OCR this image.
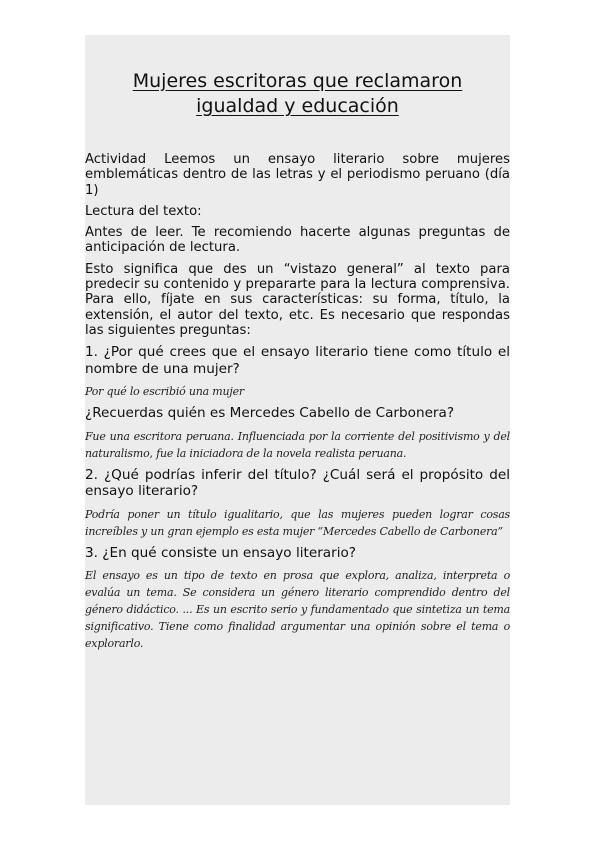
Mujeres escritoras que reclamaron
igualdad y educación

Actividad Leemos un ensayo literario sobre mujeres emblemáticas dentro de las letras y el periodismo peruano (día 1)

Lectura del texto:

Antes de leer. Te recomiendo hacerte algunas preguntas de anticipación de lectura.

Esto significa que des un “vistazo general” al texto para predecir su contenido y prepararte para la lectura comprensiva. Para ello, fíjate en sus características: su forma, título, la extensión, el autor del texto, etc. Es necesario que respondas las siguientes preguntas:

1. ¿Por qué crees que el ensayo literario tiene como título el nombre de una mujer?

Por qué lo escribió una mujer

¿Recuerdas quién es Mercedes Cabello de Carbonera?

Fue una escritora peruana. Influenciada por la corriente del positivismo y del naturalismo, fue la iniciadora de la novela realista peruana.

2. ¿Qué podrías inferir del título? ¿Cuál será el propósito del ensayo literario?

Podría poner un título igualitario, que las mujeres pueden lograr cosas increíbles y un gran ejemplo es esta mujer “Mercedes Cabello de Carbonera”

3. ¿En qué consiste un ensayo literario?

El ensayo es un tipo de texto en prosa que explora, analiza, interpreta o evalúa un tema. Se considera un género literario comprendido dentro del género didáctico. ... Es un escrito serio y fundamentado que sintetiza un tema significativo. Tiene como finalidad argumentar una opinión sobre el tema o explorarlo.
